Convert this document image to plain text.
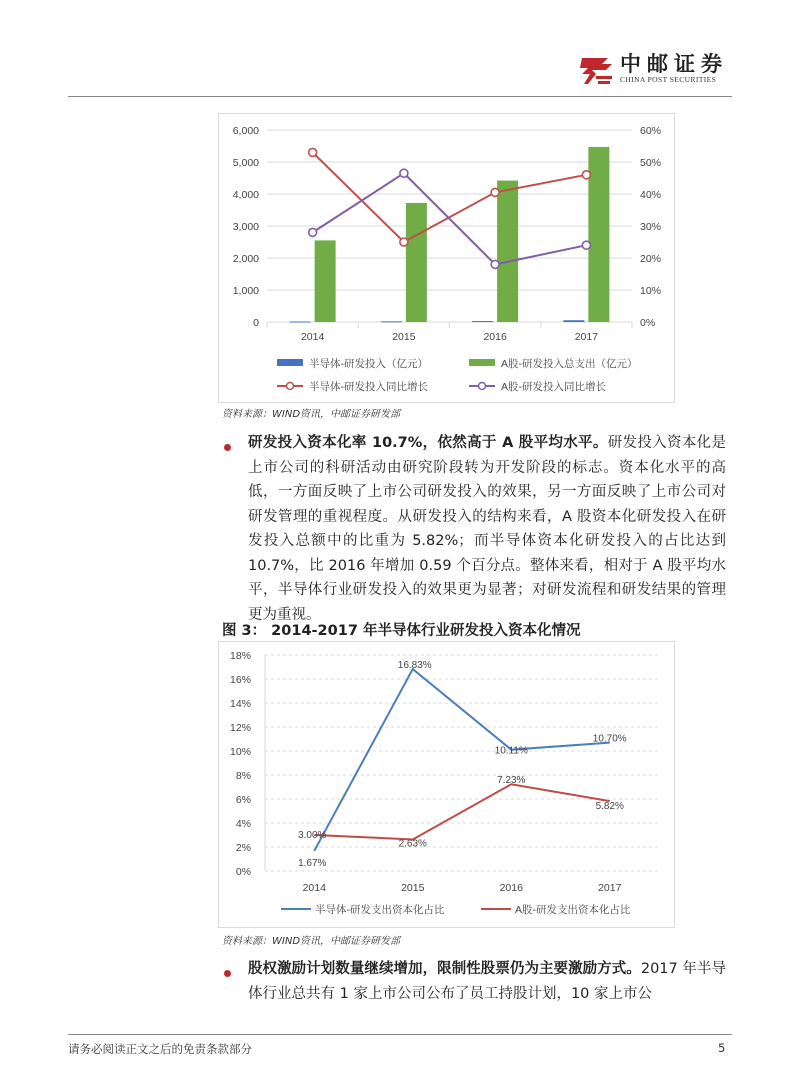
中邮证券
CHINA POST SECURITIES
0	0%
1,000	10%
2,000	20%
3,000	30%
4,000	40%
5,000	50%
6,000	60%
2014	2015	2016	2017
半导体-研发投入（亿元）	A股-研发投入总支出（亿元）
半导体-研发投入同比增长	A股-研发投入同比增长
资料来源：WIND资讯，中邮证券研发部
研发投入资本化率 10.7%，依然高于 A 股平均水平。研发投入资本化是上市公司的科研活动由研究阶段转为开发阶段的标志。资本化水平的高低，一方面反映了上市公司研发投入的效果，另一方面反映了上市公司对研发管理的重视程度。从研发投入的结构来看，A 股资本化研发投入在研发投入总额中的比重为 5.82%；而半导体资本化研发投入的占比达到 10.7%，比 2016 年增加 0.59 个百分点。整体来看，相对于 A 股平均水平，半导体行业研发投入的效果更为显著；对研发流程和研发结果的管理更为重视。
图 3： 2014-2017 年半导体行业研发投入资本化情况
0%
2%
4%
6%
8%
10%
12%
14%
16%
18%
2014	2015	2016	2017
1.67%
16.83%
10.11%
10.70%
3.00%
2.63%
7.23%
5.82%
半导体-研发支出资本化占比	A股-研发支出资本化占比
资料来源：WIND资讯，中邮证券研发部
股权激励计划数量继续增加，限制性股票仍为主要激励方式。2017 年半导体行业总共有 1 家上市公司公布了员工持股计划，10 家上市公
请务必阅读正文之后的免责条款部分	5
